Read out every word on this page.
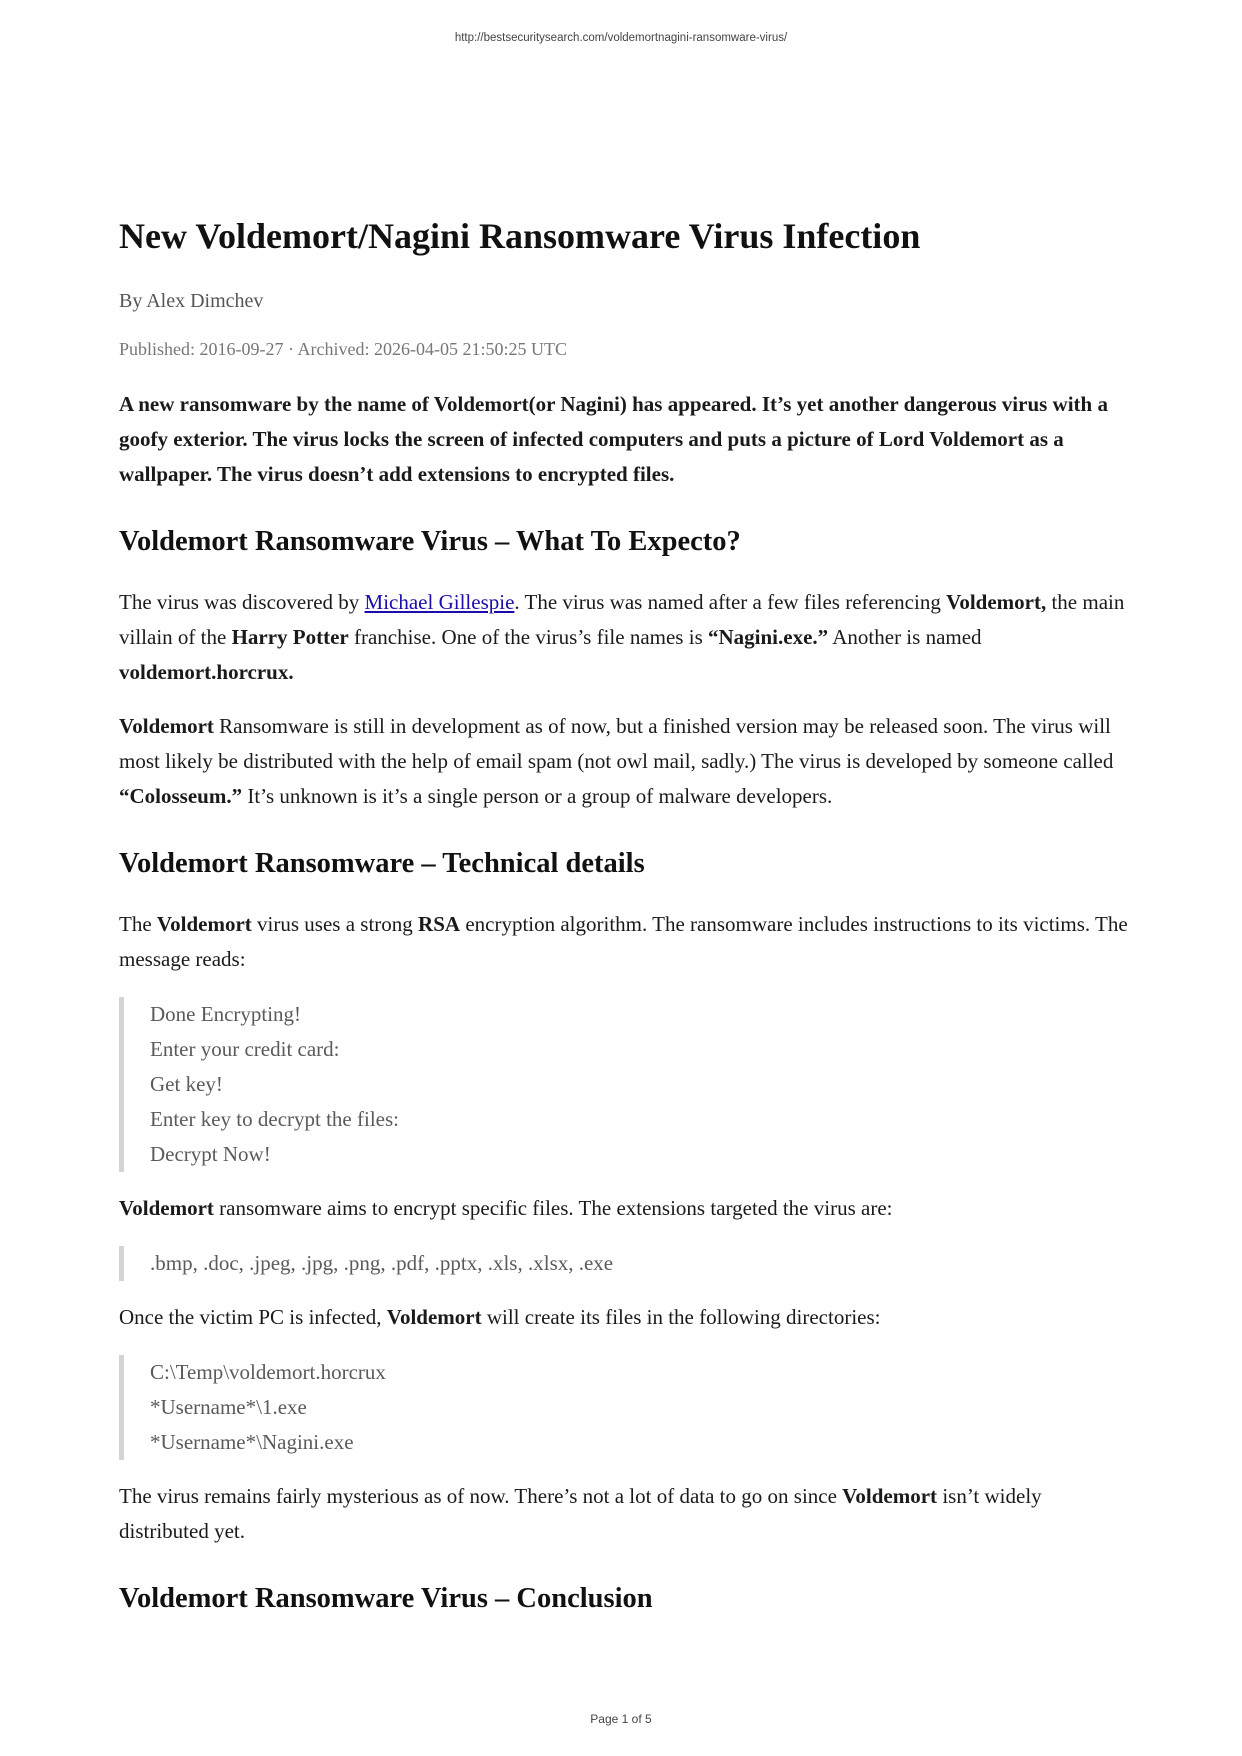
http://bestsecuritysearch.com/voldemortnagini-ransomware-virus/
New Voldemort/Nagini Ransomware Virus Infection
By Alex Dimchev
Published: 2016-09-27 · Archived: 2026-04-05 21:50:25 UTC

A new ransomware by the name of Voldemort(or Nagini) has appeared. It’s yet another dangerous virus with a goofy exterior. The virus locks the screen of infected computers and puts a picture of Lord Voldemort as a wallpaper. The virus doesn’t add extensions to encrypted files.

Voldemort Ransomware Virus – What To Expecto?

The virus was discovered by Michael Gillespie. The virus was named after a few files referencing Voldemort, the main villain of the Harry Potter franchise. One of the virus’s file names is “Nagini.exe.” Another is named voldemort.horcrux.

Voldemort Ransomware is still in development as of now, but a finished version may be released soon. The virus will most likely be distributed with the help of email spam (not owl mail, sadly.) The virus is developed by someone called “Colosseum.” It’s unknown is it’s a single person or a group of malware developers.

Voldemort Ransomware – Technical details

The Voldemort virus uses a strong RSA encryption algorithm. The ransomware includes instructions to its victims. The message reads:

Done Encrypting!
Enter your credit card:
Get key!
Enter key to decrypt the files:
Decrypt Now!

Voldemort ransomware aims to encrypt specific files. The extensions targeted the virus are:

.bmp, .doc, .jpeg, .jpg, .png, .pdf, .pptx, .xls, .xlsx, .exe

Once the victim PC is infected, Voldemort will create its files in the following directories:

C:\Temp\voldemort.horcrux
*Username*\1.exe
*Username*\Nagini.exe

The virus remains fairly mysterious as of now. There’s not a lot of data to go on since Voldemort isn’t widely distributed yet.

Voldemort Ransomware Virus – Conclusion
Page 1 of 5
